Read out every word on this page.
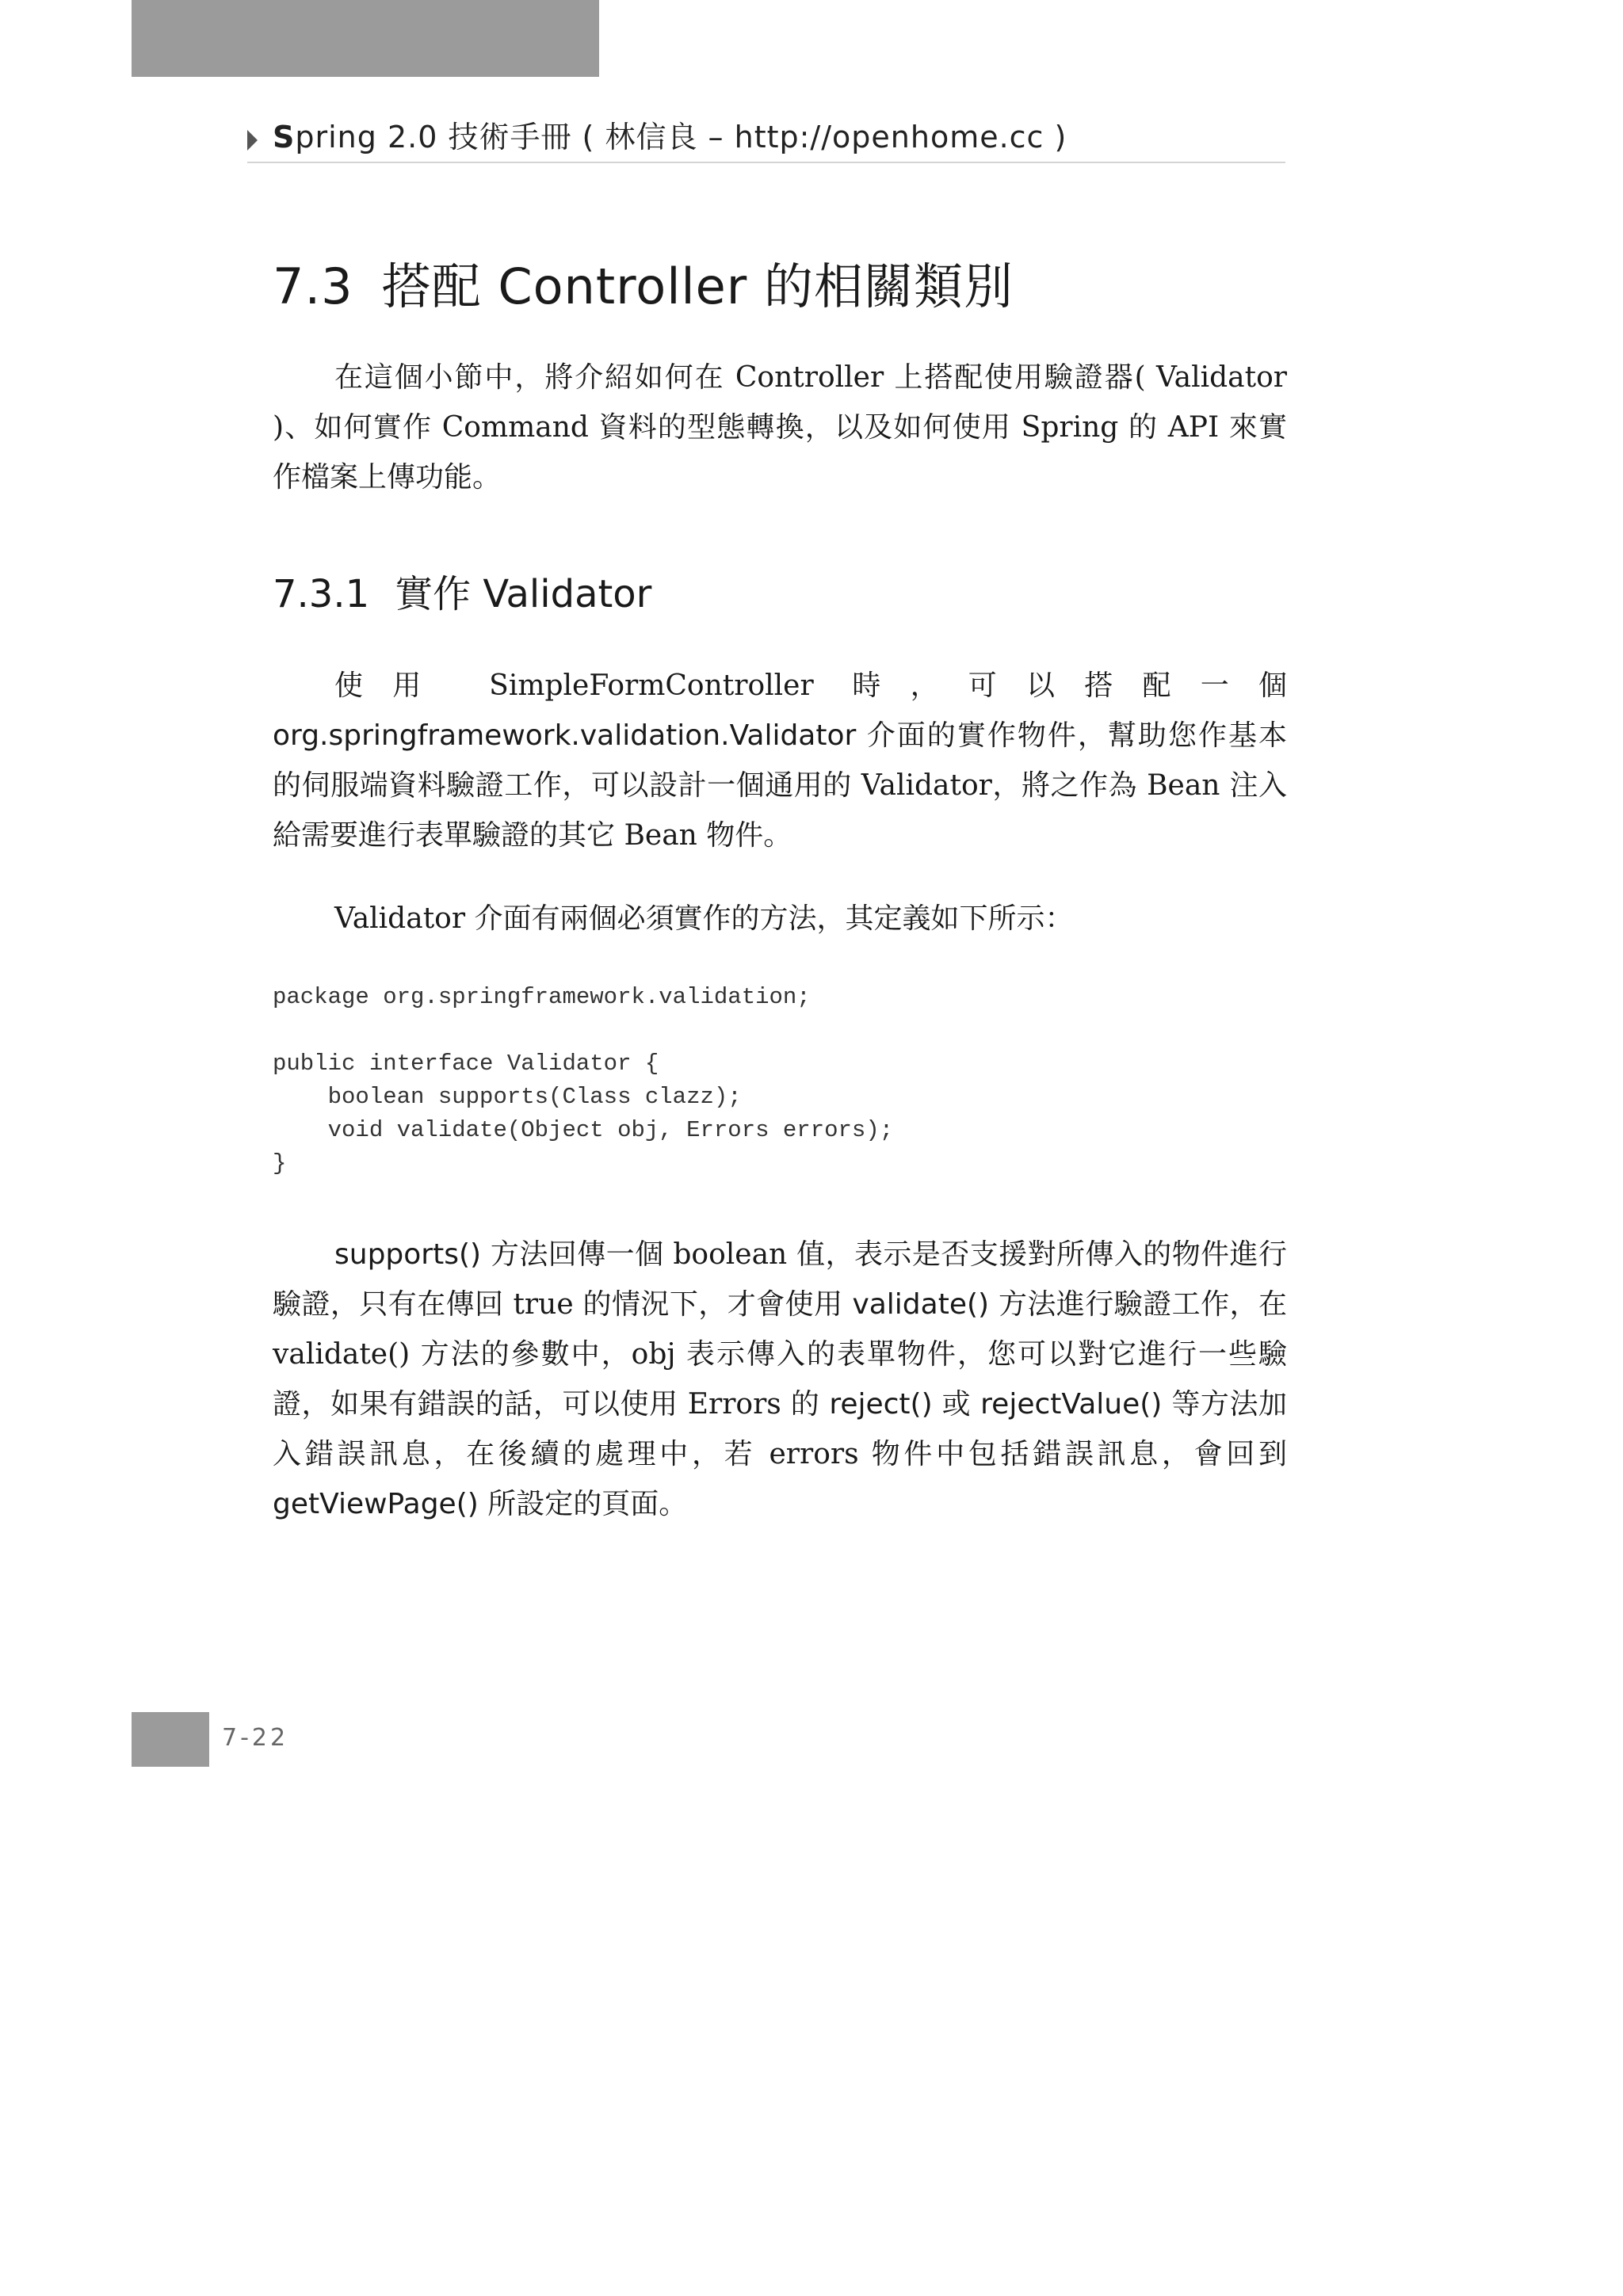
Spring 2.0 技術手冊 ( 林信良 – http://openhome.cc )
7.3 搭配 Controller 的相關類別

在這個小節中，將介紹如何在 Controller 上搭配使用驗證器( Validator )、如何實作 Command 資料的型態轉換，以及如何使用 Spring 的 API 來實作檔案上傳功能。

7.3.1 實作 Validator

使用 SimpleFormController 時，可以搭配一個 org.springframework.validation.Validator 介面的實作物件，幫助您作基本的伺服端資料驗證工作，可以設計一個通用的 Validator，將之作為 Bean 注入給需要進行表單驗證的其它 Bean 物件。

Validator 介面有兩個必須實作的方法，其定義如下所示：

package org.springframework.validation;

public interface Validator {
boolean supports(Class clazz);
void validate(Object obj, Errors errors);
}

supports() 方法回傳一個 boolean 值，表示是否支援對所傳入的物件進行驗證，只有在傳回 true 的情況下，才會使用 validate() 方法進行驗證工作，在 validate() 方法的參數中，obj 表示傳入的表單物件，您可以對它進行一些驗證，如果有錯誤的話，可以使用 Errors 的 reject() 或 rejectValue() 等方法加入錯誤訊息，在後續的處理中，若 errors 物件中包括錯誤訊息，會回到 getViewPage() 所設定的頁面。

7-22
